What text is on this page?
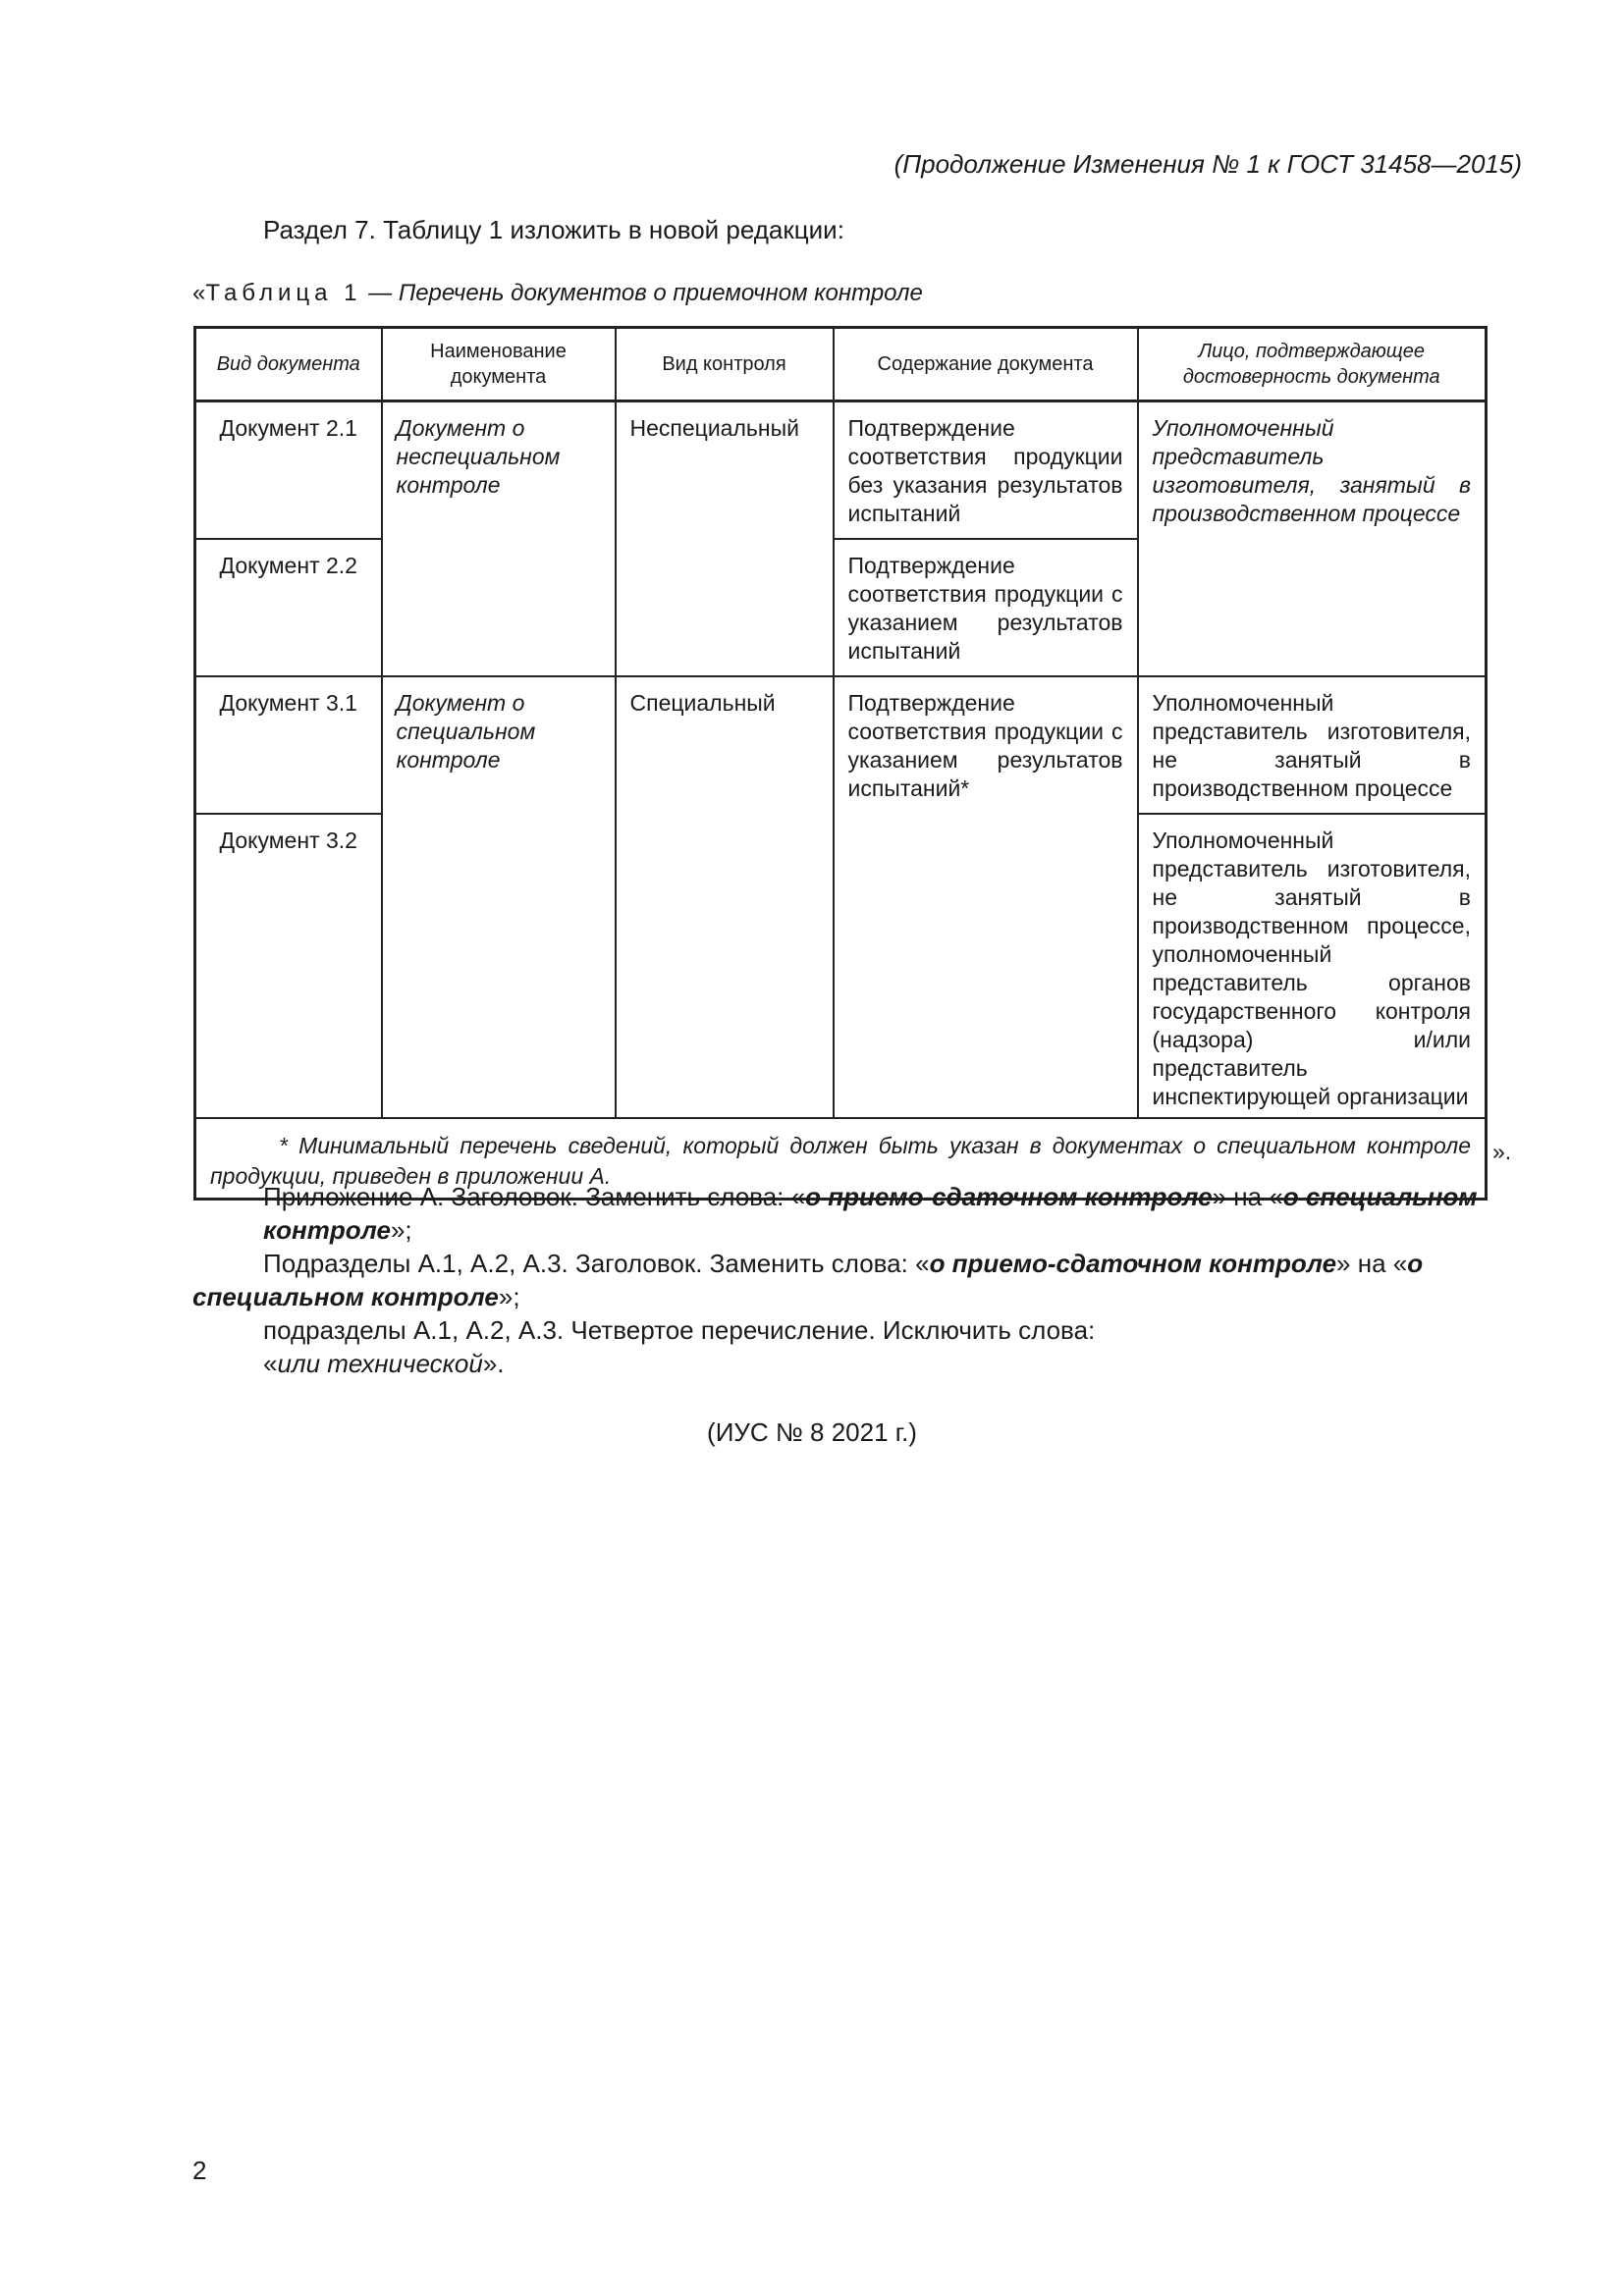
(Продолжение Изменения № 1 к ГОСТ 31458—2015)
Раздел 7. Таблицу 1 изложить в новой редакции:
«Таблица 1 — Перечень документов о приемочном контроле
Вид документа	Наименование документа	Вид контроля	Содержание документа	Лицо, подтверждающее достоверность документа
Документ 2.1	Документ о неспециальном контроле	Неспециальный	Подтверждение соответствия продукции без указания результатов испытаний	Уполномоченный представитель изготовителя, занятый в производственном процессе
Документ 2.2			Подтверждение соответствия продукции с указанием результатов испытаний	
Документ 3.1	Документ о специальном контроле	Специальный	Подтверждение соответствия продукции с указанием результатов испытаний*	Уполномоченный представитель изготовителя, не занятый в производственном процессе
Документ 3.2				Уполномоченный представитель изготовителя, не занятый в производственном процессе, уполномоченный представитель органов государственного контроля (надзора) и/или представитель инспектирующей организации

* Минимальный перечень сведений, который должен быть указан в документах о специальном контроле продукции, приведен в приложении А.				
».
Приложение А. Заголовок. Заменить слова: «о приемо-сдаточном контроле» на «о специальном контроле»;
Подразделы А.1, А.2, А.3. Заголовок. Заменить слова: «о приемо-сдаточном контроле» на «о специальном контроле»;
подразделы А.1, А.2, А.3. Четвертое перечисление. Исключить слова:
«или технической».
(ИУС № 8 2021 г.)
2
